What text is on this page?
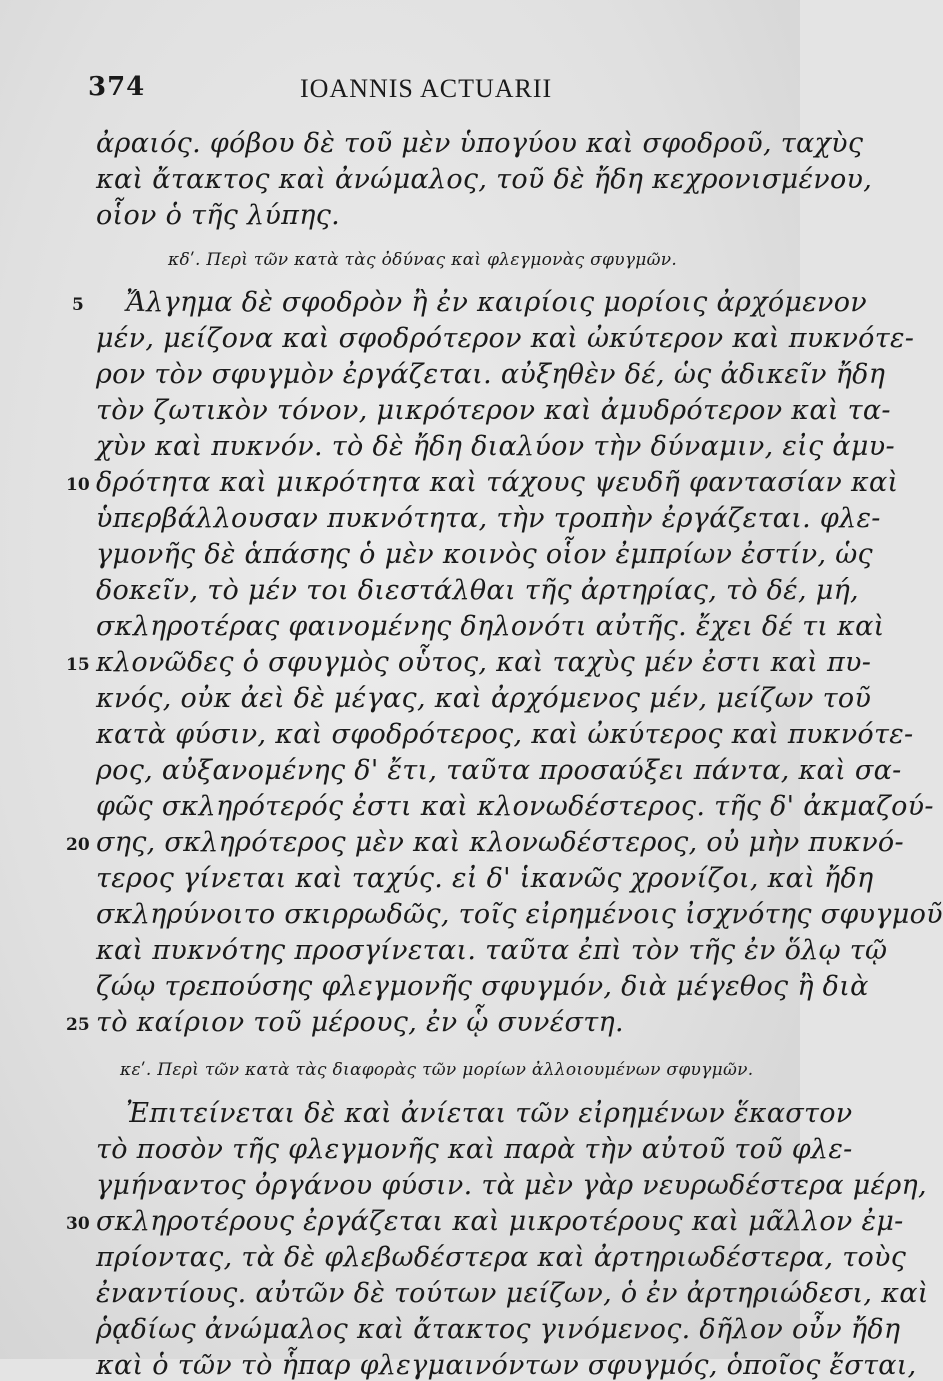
374	IOANNIS ACTUARII
ἀραιός. φόβου δὲ τοῦ μὲν ὑπογύου καὶ σφοδροῦ, ταχὺς
καὶ ἄτακτος καὶ ἀνώμαλος, τοῦ δὲ ἤδη κεχρονισμένου,
οἷον ὁ τῆς λύπης.
κδʹ. Περὶ τῶν κατὰ τὰς ὀδύνας καὶ φλεγμονὰς σφυγμῶν.
Ἄλγημα δὲ σφοδρὸν ἢ ἐν καιρίοις μορίοις ἀρχόμενον
μέν, μείζονα καὶ σφοδρότερον καὶ ὠκύτερον καὶ πυκνότε-
ρον τὸν σφυγμὸν ἐργάζεται. αὐξηθὲν δέ, ὡς ἀδικεῖν ἤδη
τὸν ζωτικὸν τόνον, μικρότερον καὶ ἀμυδρότερον καὶ τα-
χὺν καὶ πυκνόν. τὸ δὲ ἤδη διαλύον τὴν δύναμιν, εἰς ἀμυ-
δρότητα καὶ μικρότητα καὶ τάχους ψευδῆ φαντασίαν καὶ
ὑπερβάλλουσαν πυκνότητα, τὴν τροπὴν ἐργάζεται. φλε-
γμονῆς δὲ ἁπάσης ὁ μὲν κοινὸς οἷον ἐμπρίων ἐστίν, ὡς
δοκεῖν, τὸ μέν τοι διεστάλθαι τῆς ἀρτηρίας, τὸ δέ, μή,
σκληροτέρας φαινομένης δηλονότι αὐτῆς. ἔχει δέ τι καὶ
κλονῶδες ὁ σφυγμὸς οὗτος, καὶ ταχὺς μέν ἐστι καὶ πυ-
κνός, οὐκ ἀεὶ δὲ μέγας, καὶ ἀρχόμενος μέν, μείζων τοῦ
κατὰ φύσιν, καὶ σφοδρότερος, καὶ ὠκύτερος καὶ πυκνότε-
ρος, αὐξανομένης δ' ἔτι, ταῦτα προσαύξει πάντα, καὶ σα-
φῶς σκληρότερός ἐστι καὶ κλονωδέστερος. τῆς δ' ἀκμαζού-
σης, σκληρότερος μὲν καὶ κλονωδέστερος, οὐ μὴν πυκνό-
τερος γίνεται καὶ ταχύς. εἰ δ' ἱκανῶς χρονίζοι, καὶ ἤδη
σκληρύνοιτο σκιρρωδῶς, τοῖς εἰρημένοις ἰσχνότης σφυγμοῦ
καὶ πυκνότης προσγίνεται. ταῦτα ἐπὶ τὸν τῆς ἐν ὅλῳ τῷ
ζώῳ τρεπούσης φλεγμονῆς σφυγμόν, διὰ μέγεθος ἢ διὰ
τὸ καίριον τοῦ μέρους, ἐν ᾧ συνέστη.
κεʹ. Περὶ τῶν κατὰ τὰς διαφορὰς τῶν μορίων ἀλλοιουμένων σφυγμῶν.
Ἐπιτείνεται δὲ καὶ ἀνίεται τῶν εἰρημένων ἕκαστον
τὸ ποσὸν τῆς φλεγμονῆς καὶ παρὰ τὴν αὐτοῦ τοῦ φλε-
γμήναντος ὀργάνου φύσιν. τὰ μὲν γὰρ νευρωδέστερα μέρη,
σκληροτέρους ἐργάζεται καὶ μικροτέρους καὶ μᾶλλον ἐμ-
πρίοντας, τὰ δὲ φλεβωδέστερα καὶ ἀρτηριωδέστερα, τοὺς
ἐναντίους. αὐτῶν δὲ τούτων μείζων, ὁ ἐν ἀρτηριώδεσι, καὶ
ῥᾳδίως ἀνώμαλος καὶ ἄτακτος γινόμενος. δῆλον οὖν ἤδη
καὶ ὁ τῶν τὸ ἧπαρ φλεγμαινόντων σφυγμός, ὁποῖος ἔσται,
5
10
15
20
25
30
